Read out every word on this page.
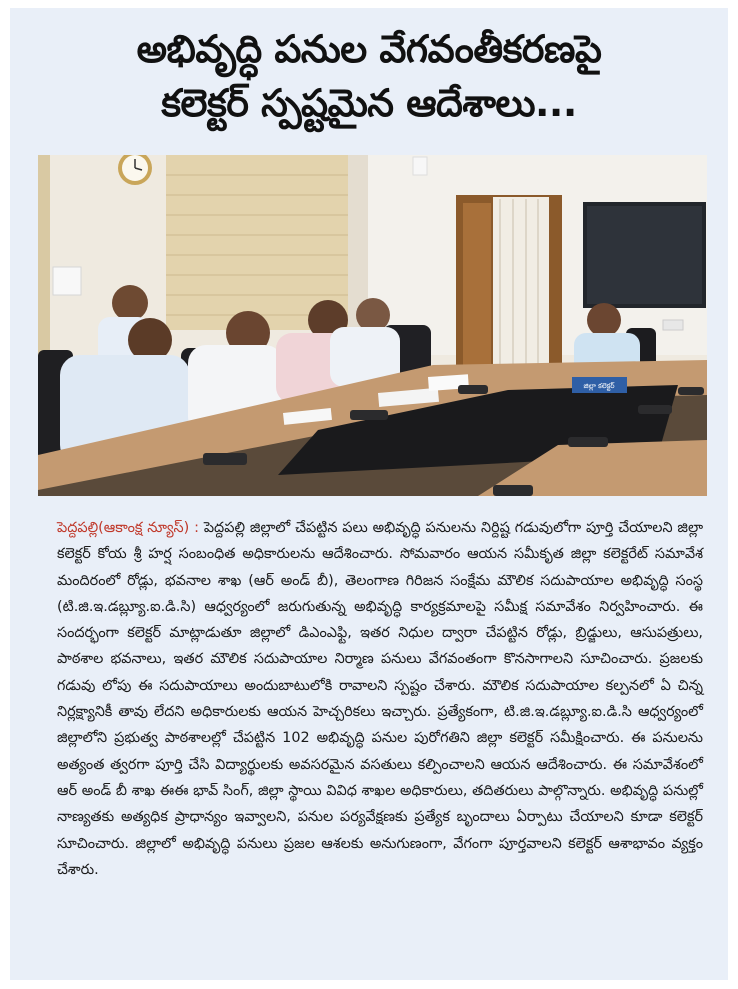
అభివృద్ధి పనుల వేగవంతీకరణపై
కలెక్టర్ స్పష్టమైన ఆదేశాలు...
జిల్లా కలెక్టర్
పెద్దపల్లి(ఆకాంక్ష న్యూస్) : పెద్దపల్లి జిల్లాలో చేపట్టిన పలు అభివృద్ధి పనులను నిర్దిష్ట గడువులోగా పూర్తి చేయాలని జిల్లా కలెక్టర్ కోయ శ్రీ హర్ష సంబంధిత అధికారులను ఆదేశించారు. సోమవారం ఆయన సమీకృత జిల్లా కలెక్టరేట్ సమావేశ మందిరంలో రోడ్లు, భవనాల శాఖ (ఆర్ అండ్ బీ), తెలంగాణ గిరిజన సంక్షేమ మౌలిక సదుపాయాల అభివృద్ధి సంస్థ (టి.జి.ఇ.డబ్ల్యూ.ఐ.డి.సి) ఆధ్వర్యంలో జరుగుతున్న అభివృద్ధి కార్యక్రమాలపై సమీక్ష సమావేశం నిర్వహించారు. ఈ సందర్భంగా కలెక్టర్ మాట్లాడుతూ జిల్లాలో డిఎంఎఫ్టి, ఇతర నిధుల ద్వారా చేపట్టిన రోడ్లు, బ్రిడ్జులు, ఆసుపత్రులు, పాఠశాల భవనాలు, ఇతర మౌలిక సదుపాయాల నిర్మాణ పనులు వేగవంతంగా కొనసాగాలని సూచించారు. ప్రజలకు గడువు లోపు ఈ సదుపాయాలు అందుబాటులోకి రావాలని స్పష్టం చేశారు. మౌలిక సదుపాయాల కల్పనలో ఏ చిన్న నిర్లక్ష్యానికీ తావు లేదని అధికారులకు ఆయన హెచ్చరికలు ఇచ్చారు. ప్రత్యేకంగా, టి.జి.ఇ.డబ్ల్యూ.ఐ.డి.సి ఆధ్వర్యంలో జిల్లాలోని ప్రభుత్వ పాఠశాలల్లో చేపట్టిన 102 అభివృద్ధి పనుల పురోగతిని జిల్లా కలెక్టర్ సమీక్షించారు. ఈ పనులను అత్యంత త్వరగా పూర్తి చేసి విద్యార్థులకు అవసరమైన వసతులు కల్పించాలని ఆయన ఆదేశించారు. ఈ సమావేశంలో ఆర్ అండ్ బీ శాఖ ఈఈ భావ్ సింగ్, జిల్లా స్థాయి వివిధ శాఖల అధికారులు, తదితరులు పాల్గొన్నారు. అభివృద్ధి పనుల్లో నాణ్యతకు అత్యధిక ప్రాధాన్యం ఇవ్వాలని, పనుల పర్యవేక్షణకు ప్రత్యేక బృందాలు ఏర్పాటు చేయాలని కూడా కలెక్టర్ సూచించారు. జిల్లాలో అభివృద్ధి పనులు ప్రజల ఆశలకు అనుగుణంగా, వేగంగా పూర్తవాలని కలెక్టర్ ఆశాభావం వ్యక్తం చేశారు.
